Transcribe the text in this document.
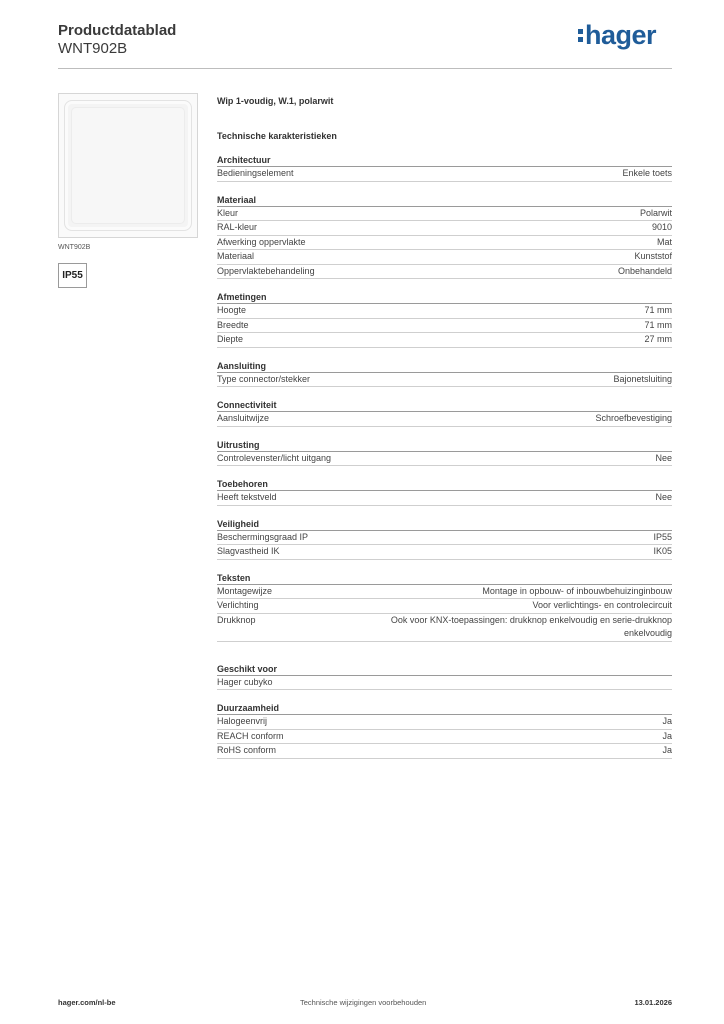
Productdatablad
WNT902B	hager
WNT902B
IP55
Wip 1-voudig, W.1, polarwit
Technische karakteristieken
Architectuur
Bedieningselement	Enkele toets
Materiaal
Kleur	Polarwit
RAL-kleur	9010
Afwerking oppervlakte	Mat
Materiaal	Kunststof
Oppervlaktebehandeling	Onbehandeld
Afmetingen
Hoogte	71 mm
Breedte	71 mm
Diepte	27 mm
Aansluiting
Type connector/stekker	Bajonetsluiting
Connectiviteit
Aansluitwijze	Schroefbevestiging
Uitrusting
Controlevenster/licht uitgang	Nee
Toebehoren
Heeft tekstveld	Nee
Veiligheid
Beschermingsgraad IP	IP55
Slagvastheid IK	IK05
Teksten
Montagewijze	Montage in opbouw- of inbouwbehuizinginbouw
Verlichting	Voor verlichtings- en controlecircuit
Drukknop	Ook voor KNX-toepassingen: drukknop enkelvoudig en serie-drukknop enkelvoudig
Geschikt voor
Hager cubyko
Duurzaamheid
Halogeenvrij	Ja
REACH conform	Ja
RoHS conform	Ja
hager.com/nl-be	Technische wijzigingen voorbehouden	13.01.2026
